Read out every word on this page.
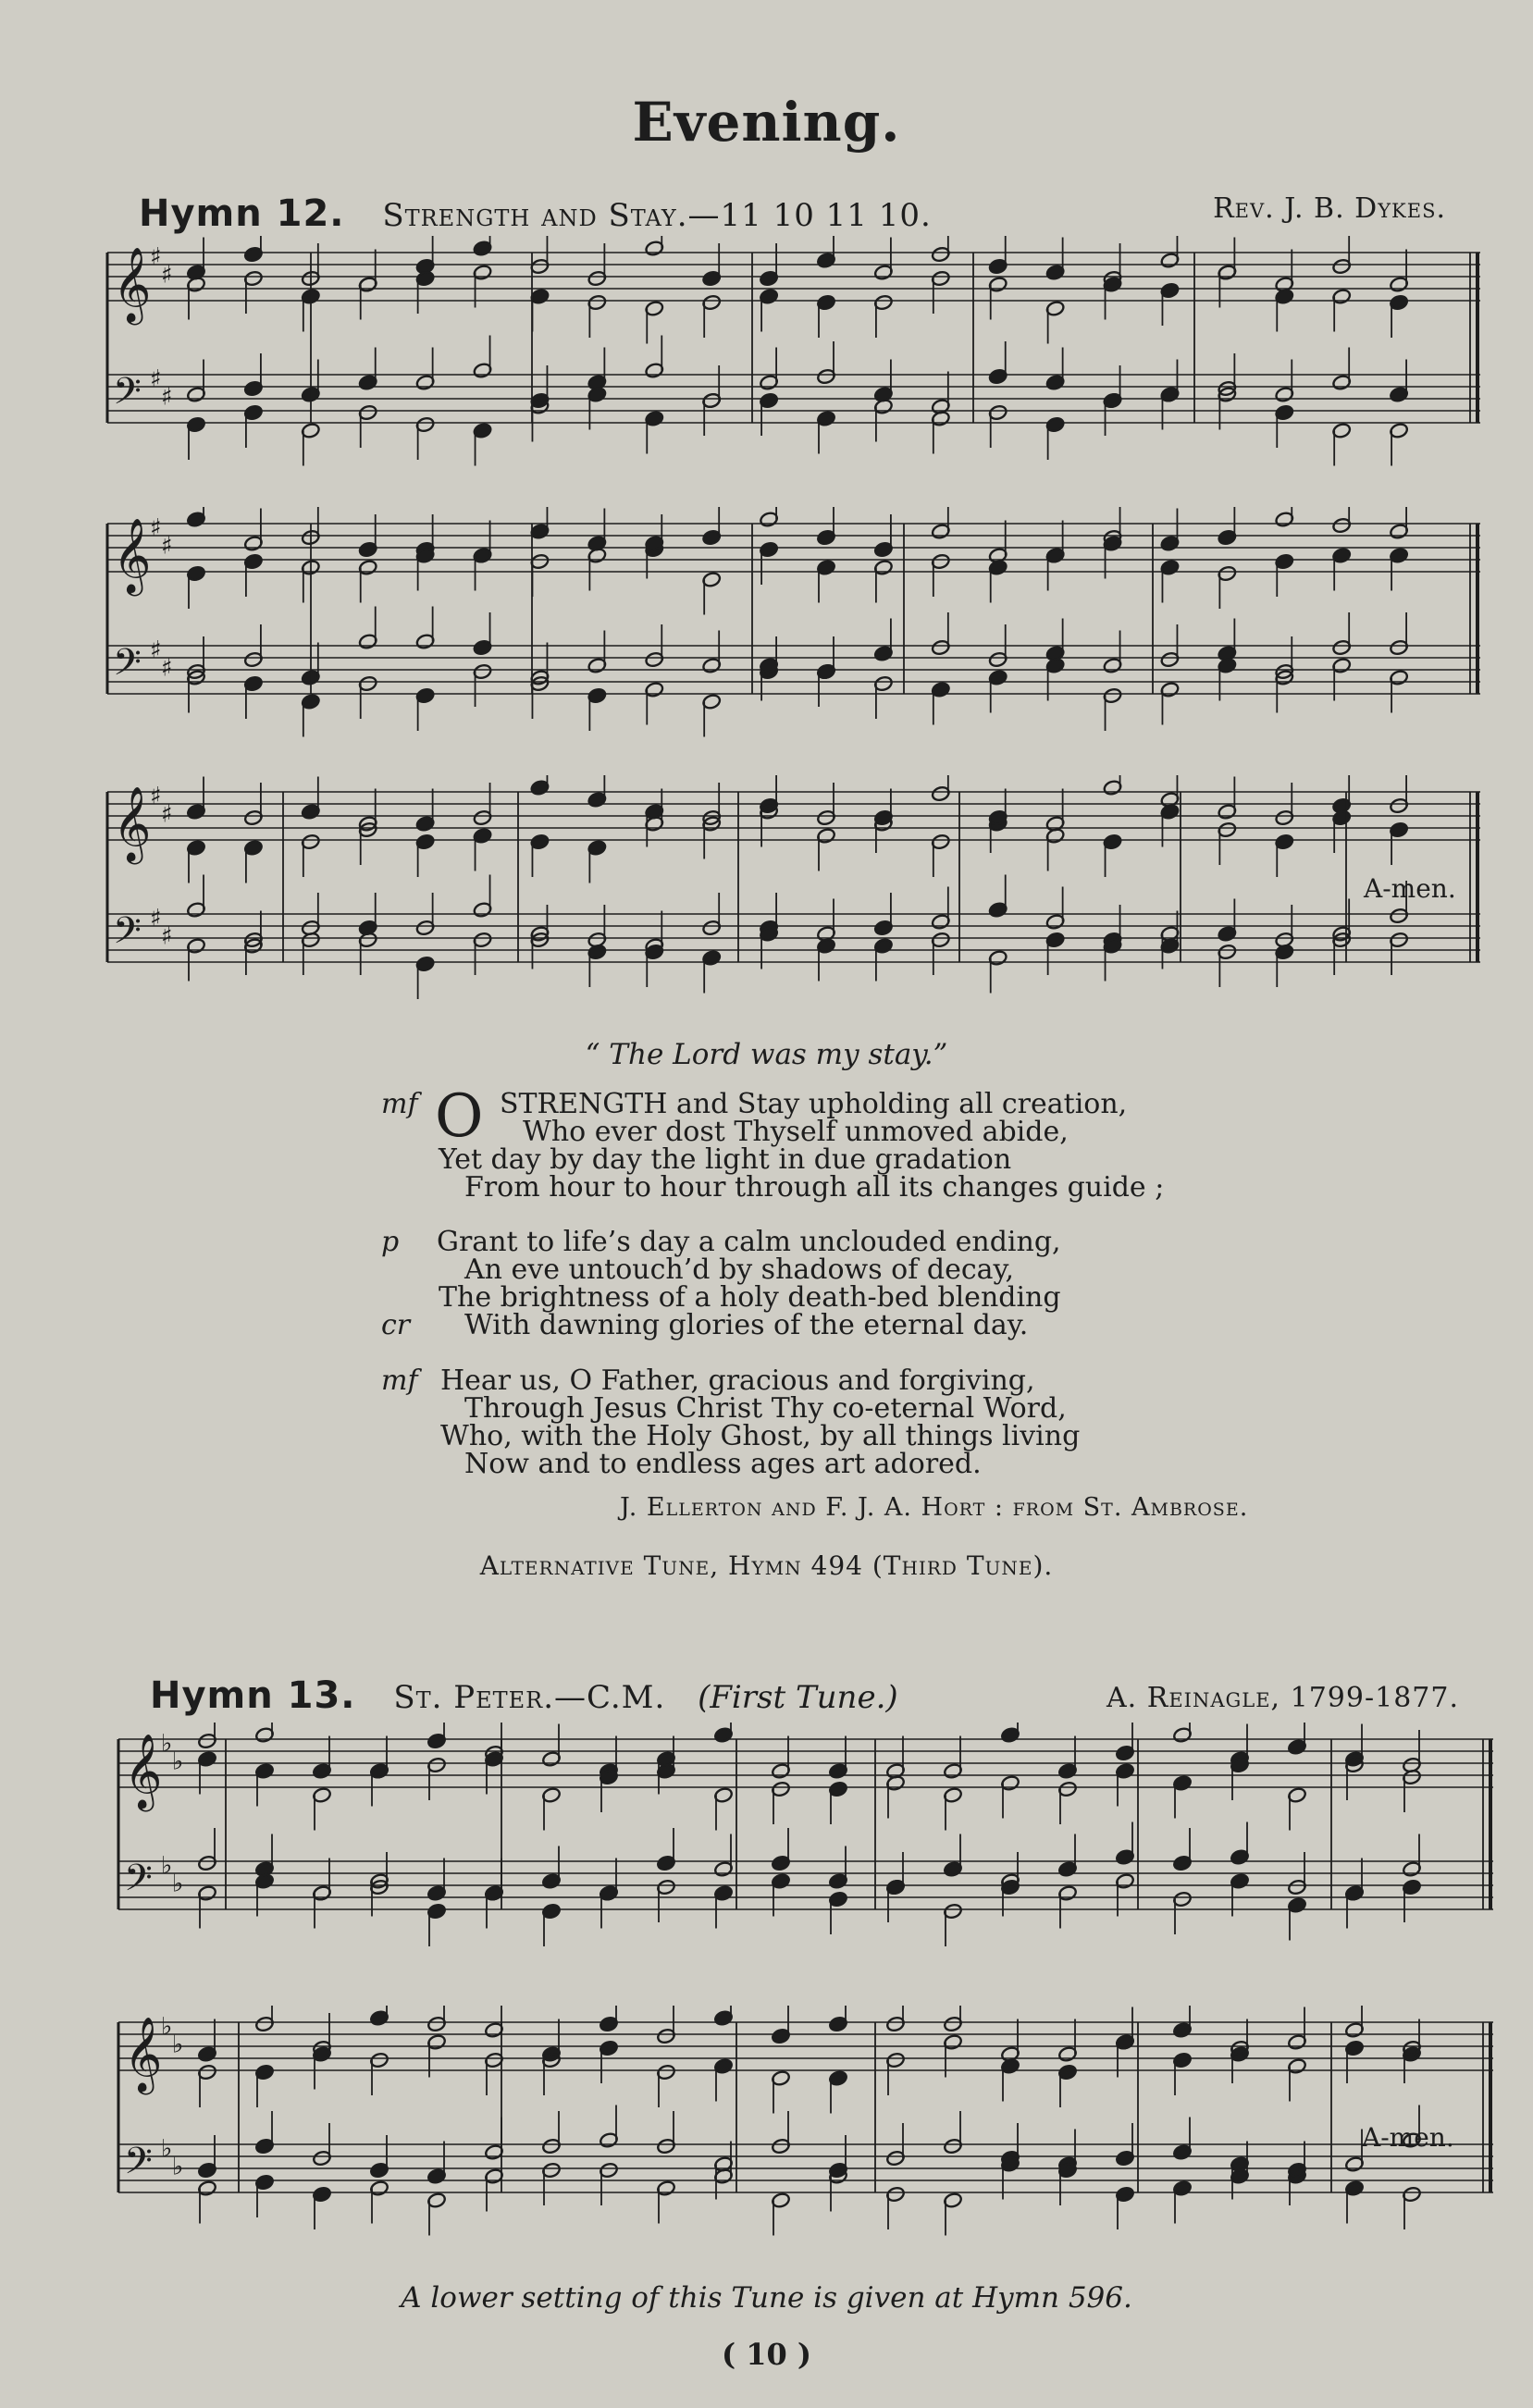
Evening.
Hymn 12. Strength and Stay.—11 10 11 10.	Rev. J. B. Dykes.
𝄞
♯
♯
𝄢 ♯
♯
𝄞
♯
♯
𝄢 ♯
♯
𝄞
♯
♯
𝄢 ♯
♯
A-men.
“ The Lord was my stay.”
mf O STRENGTH and Stay upholding all creation,
Who ever dost Thyself unmoved abide,
Yet day by day the light in due gradation
From hour to hour through all its changes guide ;
p Grant to life’s day a calm unclouded ending,
An eve untouch’d by shadows of decay,
The brightness of a holy death-bed blending
cr With dawning glories of the eternal day.
mf Hear us, O Father, gracious and forgiving,
Through Jesus Christ Thy co-eternal Word,
Who, with the Holy Ghost, by all things living
Now and to endless ages art adored.
J. Ellerton and F. J. A. Hort : from St. Ambrose.
Alternative Tune, Hymn 494 (Third Tune).
Hymn 13. St. Peter.—C.M. (First Tune.)	A. Reinagle, 1799-1877.
𝄞
♭
♭
𝄢 ♭
♭
𝄞
♭
♭
𝄢 ♭
♭
A-men.
A lower setting of this Tune is given at Hymn 596.
( 10 )
